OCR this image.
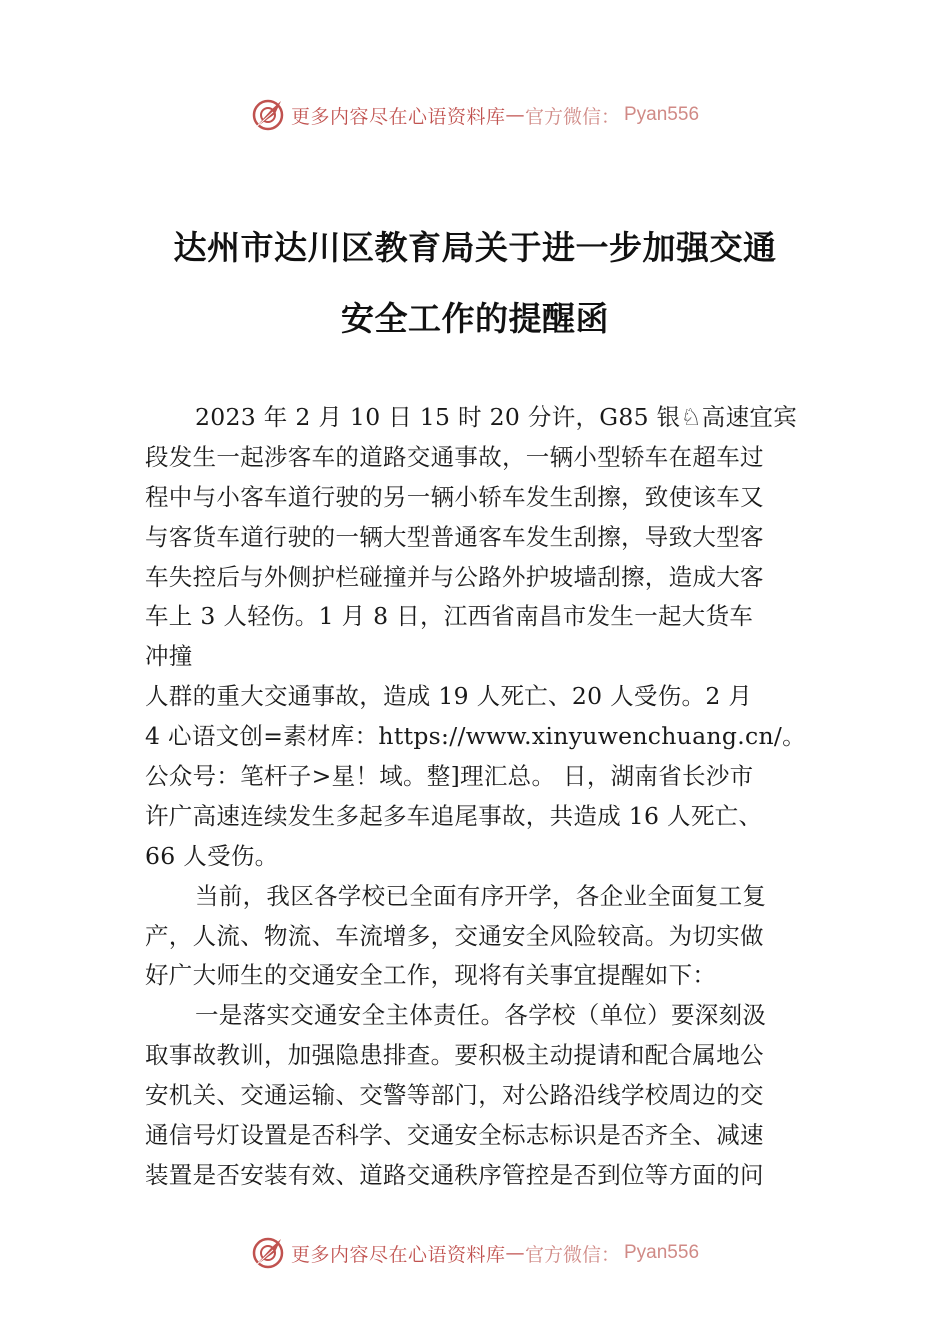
更多内容尽在心语资料库 — 官方微信： Pyan556
达州市达川区教育局关于进一步加强交通
安全工作的提醒函
2023 年 2 月 10 日 15 时 20 分许，G85 银♘高速宜宾
段发生一起涉客车的道路交通事故，一辆小型轿车在超车过
程中与小客车道行驶的另一辆小轿车发生刮擦，致使该车又
与客货车道行驶的一辆大型普通客车发生刮擦，导致大型客
车失控后与外侧护栏碰撞并与公路外护坡墙刮擦，造成大客
车上 3 人轻伤。1 月 8 日，江西省南昌市发生一起大货车
冲撞
人群的重大交通事故，造成 19 人死亡、20 人受伤。2 月
4 心语文创=素材库：https://www.xinyuwenchuang.cn/。
公众号：笔杆子>星！域。整]理汇总。 日，湖南省长沙市
许广高速连续发生多起多车追尾事故，共造成 16 人死亡、
66 人受伤。
当前，我区各学校已全面有序开学，各企业全面复工复
产，人流、物流、车流增多，交通安全风险较高。为切实做
好广大师生的交通安全工作，现将有关事宜提醒如下：
一是落实交通安全主体责任。各学校（单位）要深刻汲
取事故教训，加强隐患排查。要积极主动提请和配合属地公
安机关、交通运输、交警等部门，对公路沿线学校周边的交
通信号灯设置是否科学、交通安全标志标识是否齐全、减速
装置是否安装有效、道路交通秩序管控是否到位等方面的问
更多内容尽在心语资料库 — 官方微信： Pyan556
